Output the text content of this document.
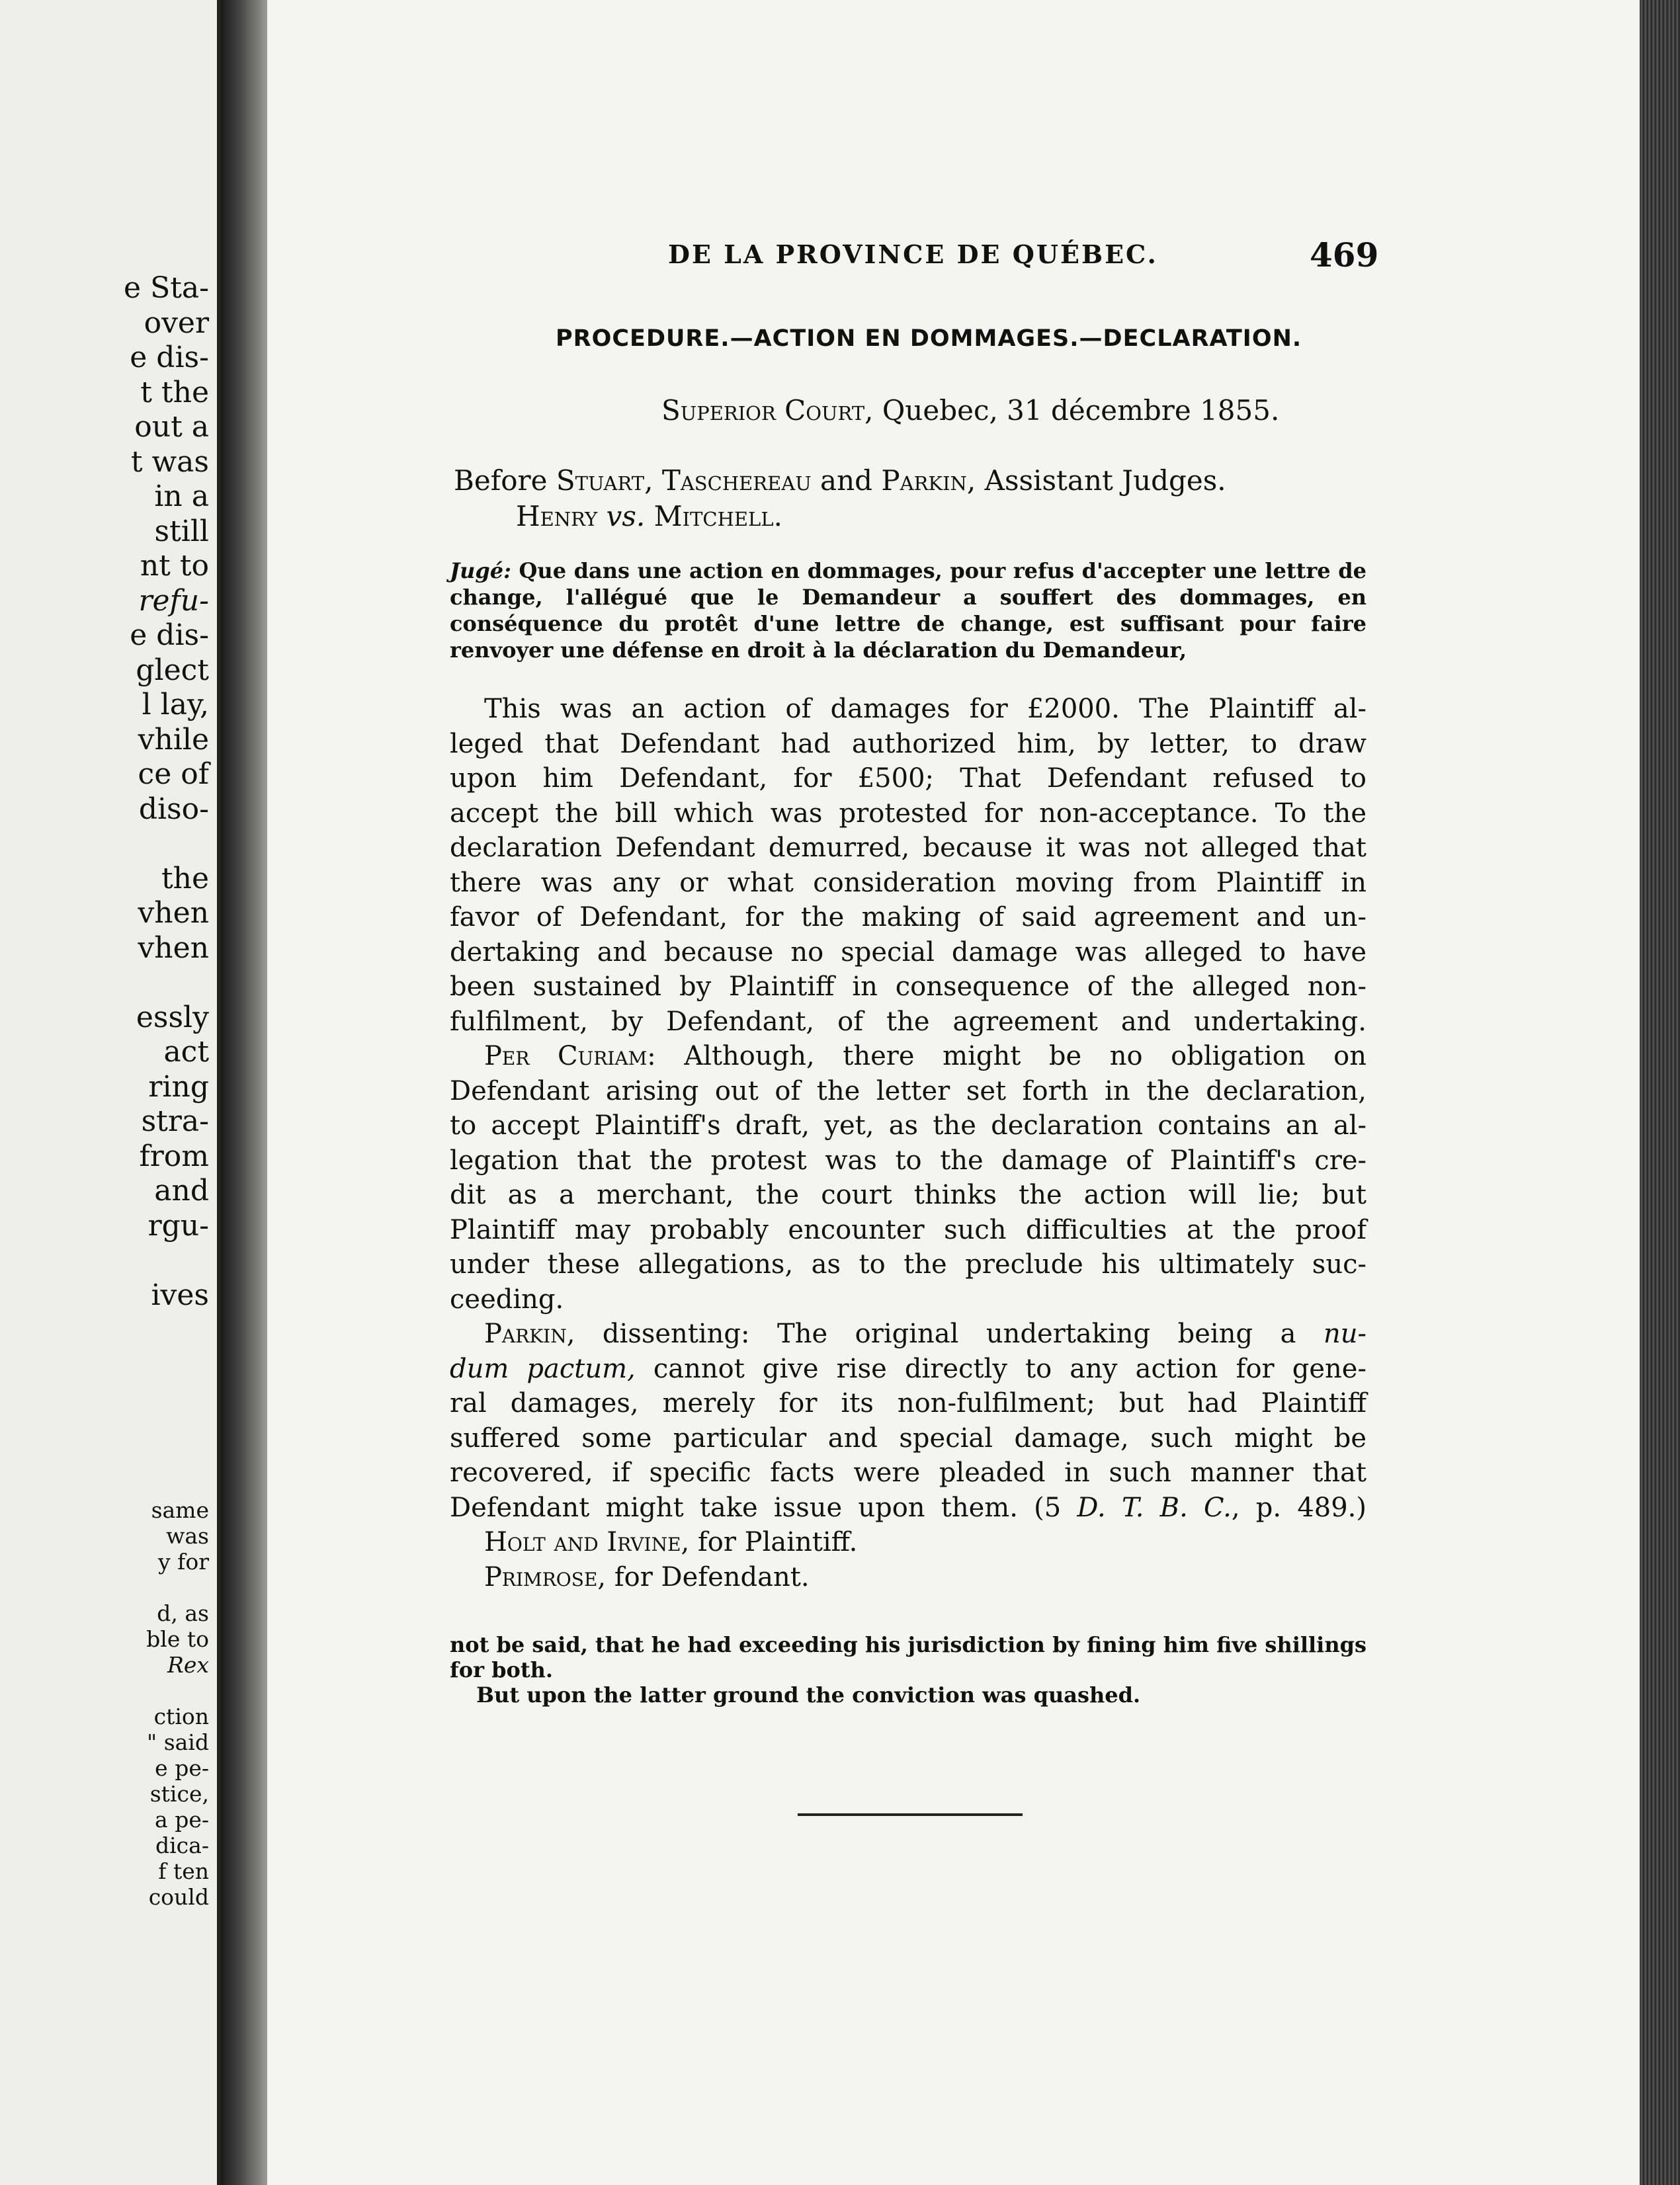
e Sta-
over
e dis-
t the
out a
t was
in a
still
nt to
refu-
e dis-
glect
l lay,
vhile
ce of
diso-
the
vhen
vhen
essly
act
ring
stra-
from
and
rgu-
ives
same
was
y for
d, as
ble to
Rex
ction
" said
e pe-
stice,
a pe-
dica-
f ten
could
DE LA PROVINCE DE QUÉBEC.	469
PROCEDURE.—ACTION EN DOMMAGES.—DECLARATION.
Superior Court, Quebec, 31 décembre 1855.
Before Stuart, Taschereau and Parkin, Assistant Judges.
Henry vs. Mitchell.
Jugé: Que dans une action en dommages, pour refus d'accepter une lettre de change, l'allégué que le Demandeur a souffert des dommages, en conséquence du protêt d'une lettre de change, est suffisant pour faire renvoyer une défense en droit à la déclaration du Demandeur,
This was an action of damages for £2000. The Plaintiff al-
leged that Defendant had authorized him, by letter, to draw
upon him Defendant, for £500; That Defendant refused to
accept the bill which was protested for non-acceptance. To the
declaration Defendant demurred, because it was not alleged that
there was any or what consideration moving from Plaintiff in
favor of Defendant, for the making of said agreement and un-
dertaking and because no special damage was alleged to have
been sustained by Plaintiff in consequence of the alleged non-
fulfilment, by Defendant, of the agreement and undertaking.
Per Curiam: Although, there might be no obligation on
Defendant arising out of the letter set forth in the declaration,
to accept Plaintiff's draft, yet, as the declaration contains an al-
legation that the protest was to the damage of Plaintiff's cre-
dit as a merchant, the court thinks the action will lie; but
Plaintiff may probably encounter such difficulties at the proof
under these allegations, as to the preclude his ultimately suc-
ceeding.
Parkin, dissenting: The original undertaking being a nu-
dum pactum, cannot give rise directly to any action for gene-
ral damages, merely for its non-fulfilment; but had Plaintiff
suffered some particular and special damage, such might be
recovered, if specific facts were pleaded in such manner that
Defendant might take issue upon them. (5 D. T. B. C., p. 489.)
Holt and Irvine, for Plaintiff.
Primrose, for Defendant.
not be said, that he had exceeding his jurisdiction by fining him five shillings
for both.
But upon the latter ground the conviction was quashed.
